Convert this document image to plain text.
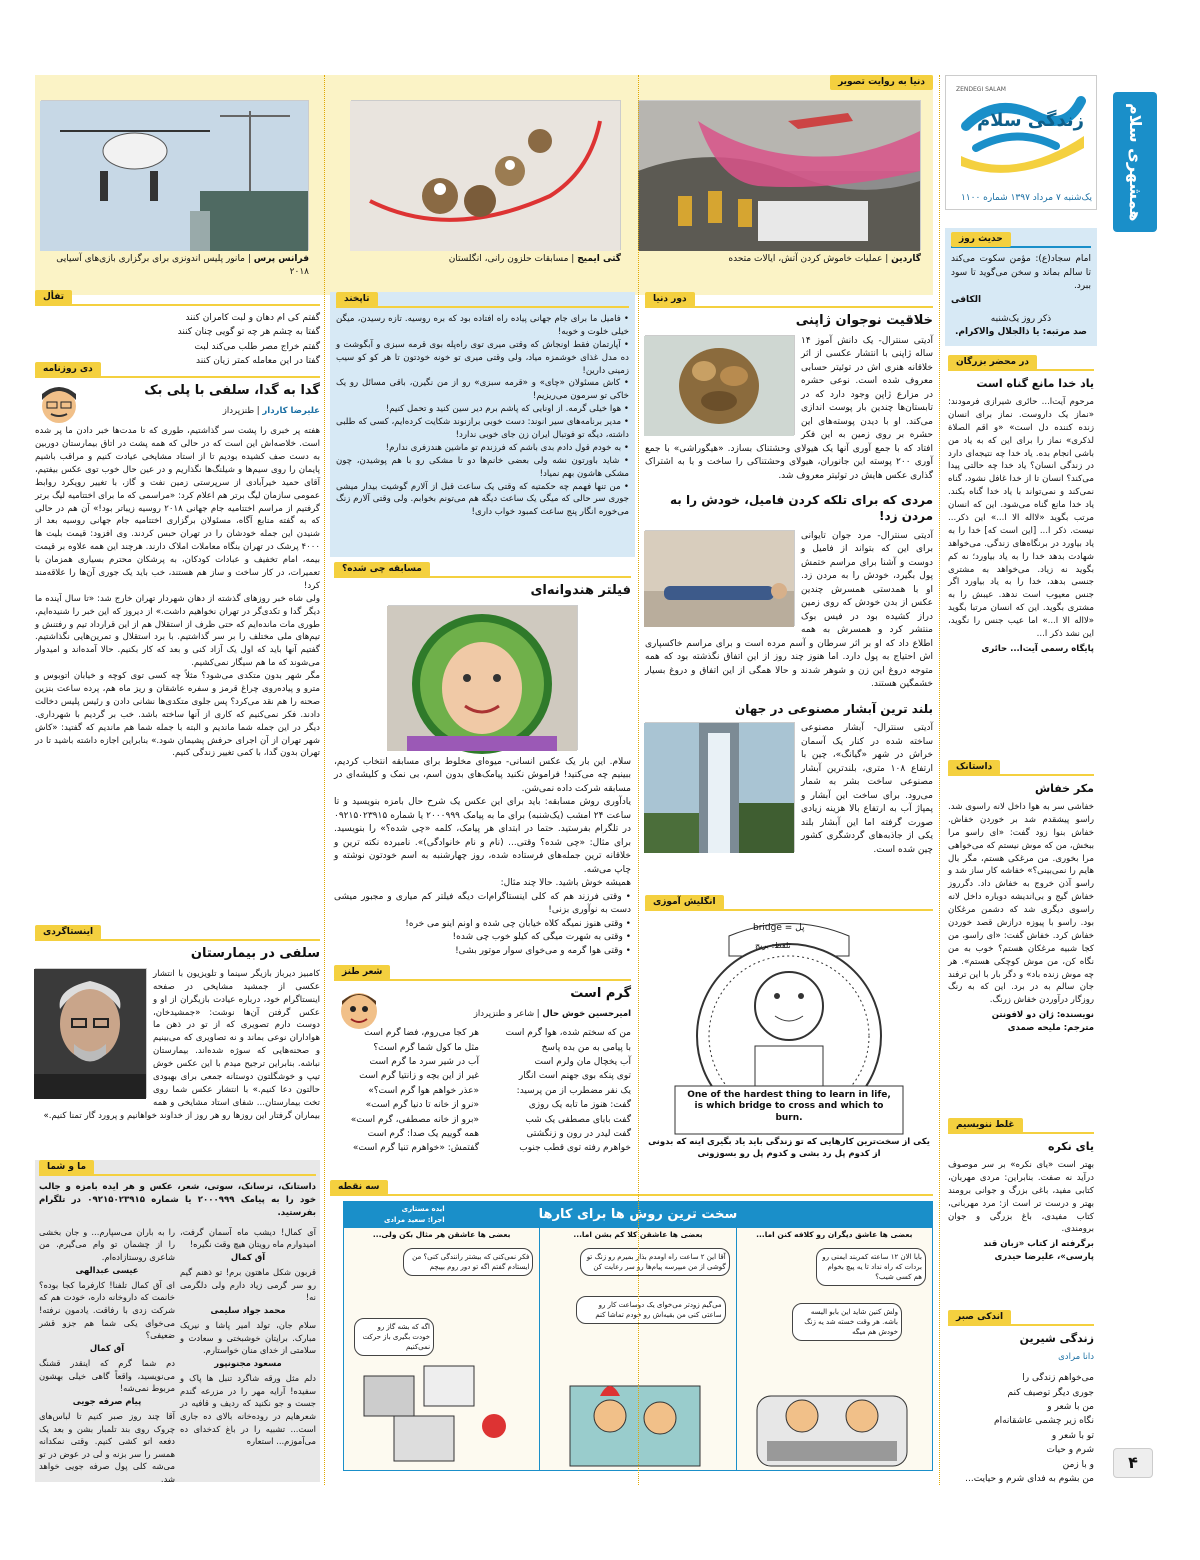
همشهری سلام
۴
زندگی سلام
ZENDEGI SALAM
یک‌شنبه ۷ مرداد ۱۳۹۷ شماره ۱۱۰۰
حدیث روز

امام سجاد(ع): مؤمن سکوت می‌کند تا سالم بماند و سخن می‌گوید تا سود ببرد.

الکافی
ذکر روز یک‌شنبه
صد مرتبه: یا ذالجلال والاکرام.
در محضر بزرگان
یاد خدا مانع گناه است

مرحوم آیت‌ا... حائری شیرازی فرمودند: «نماز یک داروست. نماز برای انسان زنده کننده دل است» «و اقم الصلاة لذکری» نماز را برای این که به یاد من باشی انجام بده. یاد خدا چه نتیجه‌ای دارد در زندگی انسان؟ یاد خدا چه حالتی پیدا می‌کند؟ انسان تا از خدا غافل نشود، گناه نمی‌کند و نمی‌تواند با یاد خدا گناه بکند. یاد خدا مانع گناه می‌شود. این که انسان مرتب بگوید «لااله الا ا...» این ذکر... نیست. ذکر ا... [این است که] خدا را به یاد بیاورد در برنگاه‌های زندگی. می‌خواهد شهادت بدهد خدا را به یاد بیاورد؛ نه کم بگوید نه زیاد. می‌خواهد به مشتری جنسی بدهد، خدا را به یاد بیاورد اگر جنس معیوب است ندهد. عیبش را به مشتری بگوید. این که انسان مرتبا بگوید «لااله الا ا...» اما عیب جنس را نگوید، این نشد ذکر ا...

پایگاه رسمی آیت‌ا... حائری
داستانک
مکر خفاش

خفاشی سر به هوا داخل لانه راسوی شد. راسو پیشقدم شد بر خوردن خفاش. خفاش بنوا زود گفت: «ای راسو مرا ببخش، من که موش نیستم که می‌خواهی مرا بخوری. من مرغکی هستم، مگر بال هایم را نمی‌بینی؟» خفاشه کار ساز شد و راسو آذن خروج به خفاش داد. دگرروز خفاش گیج و بی‌اندیشه دوباره داخل لانه راسوی دیگری شد که دشمن مرغکان بود. راسو با پیوزه درازش قصد خوردن خفاش کرد. خفاش گفت: «ای راسو، من کجا شبیه مرغکان هستم؟ خوب به من نگاه کن، من موش کوچکی هستم». هر چه موش زنده باد» و دگر بار با این ترفند جان سالم به در برد. این که به رنگ روزگار درآوردن خفاش زرنگ.

نویسنده: ژان دو لافونتن
مترجم: ملیحه صمدی
غلط ننویسیم
یای نکره

بهتر است «یای نکره» بر سر موصوف درآید نه صفت. بنابراین: مردی مهربان، کتابی مفید، باغی بزرگ و جوانی برومند بهتر و درست تر است از: مرد مهربانی، کتاب مفیدی، باغ بزرگی و جوان برومندی.

برگرفته از کتاب «زبان قند پارسی»، علیرضا حیدری
اندکی صبر
زندگی شیرین
دانا مرادی
می‌خواهم زندگی را
جوری دیگر توصیف کنم
من با شعر و
نگاه زیر چشمی عاشقانه‌ام
تو با شعر و
شرم و حیات
و با زمن
من بشوم به فدای شرم و حیایت...
دنیا به روایت تصویر
گاردین | عملیات خاموش کردن آتش، ایالات متحده
گتی ایمیج | مسابقات حلزون رانی، انگلستان
فرانس پرس | مانور پلیس اندونزی برای برگزاری بازی‌های آسیایی ۲۰۱۸
دور دنیا
خلاقیت نوجوان ژاپنی

آدیتی سنترال- یک دانش آموز ۱۴ ساله ژاپنی با انتشار عکسی از اثر خلاقانه هنری اش در توئیتر حسابی معروف شده است. نوعی حشره در مزارع ژاپن وجود دارد که در تابستان‌ها چندین بار پوست اندازی می‌کند. او با دیدن پوسته‌های این حشره بر روی زمین به این فکر افتاد که با جمع آوری آنها یک هیولای وحشتناک بسازد. «هیگوراشی» با جمع آوری ۲۰۰ پوسته این جانوران، هیولای وحشتناکی را ساخت و با به اشتراک گذاری عکس هایش در توئیتر معروف شد.

مردی که برای تلکه کردن فامیل، خودش را به مردن زد!

آدیتی سنترال- مرد جوان تایوانی برای این که بتواند از فامیل و دوست و آشنا برای مراسم ختمش پول بگیرد، خودش را به مردن زد. او با همدستی همسرش چندین عکس از بدن خودش که روی زمین دراز کشیده بود در فیس بوک منتشر کرد و همسرش به همه اطلاع داد که او بر اثر سرطان و آسم مرده است و برای مراسم خاکسپاری اش احتیاج به پول دارد. اما هنوز چند روز از این اتفاق نگذشته بود که همه متوجه دروغ این زن و شوهر شدند و حالا همگی از این اتفاق و دروغ بسیار خشمگین هستند.

بلند ترین آبشار مصنوعی در جهان

آدیتی سنترال- آبشار مصنوعی ساخته شده در کنار یک آسمان خراش در شهر «گیانگ»، چین با ارتفاع ۱۰۸ متری، بلندترین آبشار مصنوعی ساخت بشر به شمار می‌رود. برای ساخت این آبشار و پمپاژ آب به ارتفاع بالا هزینه زیادی صورت گرفته اما این آبشار بلند یکی از جاذبه‌های گردشگری کشور چین شده است.

انگلیش آموزی
bridge = پل
تلفظ: بریج
One of the hardest thing to learn in life, is which bridge to cross and which to burn.
یکی از سخت‌ترین کارهایی که تو زندگی باید یاد بگیری اینه که بدونی از کدوم پل رد بشی و کدوم پل رو بسوزونی
تاپخند

• فامیل ما برای جام جهانی پیاده راه افتاده بود که بره روسیه. تازه رسیدن، میگن خیلی خلوت و خوبه!

• آپارتمان فقط اونجاش که وقتی میری توی راه‌پله بوی قرمه سبزی و آبگوشت و ده مدل غذای خوشمزه میاد، ولی وقتی میری تو خونه خودتون تا هر کو کو سیب زمینی دارین!

• کاش مسئولان «چای» و «قرمه سبزی» رو از من نگیرن، باقی مسائل رو یک خاکی تو سرمون می‌ریزیم!

• هوا خیلی گرمه. از اونایی که پاشم برم دیر سین کنید و تحمل کنیم!

• مدیر برنامه‌های سیر انوند: دست خوبی برازنوند شکایت کرده‌ایم، کسی که طلبی داشته، دیگه تو فوتبال ایران زن جای خوبی ندارد!

• به خودم قول دادم بدی باشم که فرزندم تو ماشین هندزفری ندارم!

• شاید باورتون نشه ولی بعضی خانم‌ها دو تا مشکی رو با هم پوشیدن، چون مشکی هاشون بهم نمیاد!

• من تنها فهمم چه حکمتیه که وقتی یک ساعت قبل از آلارم گوشیت بیدار میشی جوری سر حالی که میگی یک ساعت دیگه هم می‌تونم بخوابم. ولی وقتی آلارم زنگ می‌خوره انگار پنج ساعت کمبود خواب داری!

مسابقه چی شده؟
فیلتر هندوانه‌ای

سلام. این بار یک عکس انسانی- میوه‌ای مخلوط برای مسابقه انتخاب کردیم، ببینیم چه می‌کنید! فراموش نکنید پیامک‌های بدون اسم، بی نمک و کلیشه‌ای در مسابقه شرکت داده نمی‌شن.

یادآوری روش مسابقه: باید برای این عکس یک شرح حال بامزه بنویسید و تا ساعت ۲۴ امشب (یک‌شنبه) برای ما به پیامک ۲۰۰۰۹۹۹ یا شماره ۰۹۲۱۵۰۲۳۹۱۵ در تلگرام بفرستید. حتما در ابتدای هر پیامک، کلمه «چی شده؟» را بنویسید. برای مثال: «چی شده؟ وقتی... (نام و نام خانوادگی)». نامبرده نکته ترین و خلاقانه ترین جمله‌های فرستاده شده، روز چهارشنبه به اسم خودتون نوشته و چاپ می‌شه.

همیشه خوش باشید. حالا چند مثال:

• وقتی فرزند هم که کلی اینستاگرام‌ات دیگه فیلتر کم میاری و مجبور میشی دست به نوآوری بزنی!

• وقتی هنوز نمیگه کلاه خیابان چی شده و اونم اینو می خره!

• وقتی به شهرت میگی که کیلو خوب چی شده!

• وقتی هوا گرمه و می‌خوای سوار موتور بشی!

شعر طنز
گرم است
امیرحسین خوش حال | شاعر و طنزپرداز
من که سختم شده، هوا گرم است
با پیامی به من بده پاسخ
آب یخچال مان ولرم است
توی پنکه بوی جهنم است انگار
یک نفر مضطرب از من پرسید:
گفت: هنوز ما تابه یک روزی
گفت بابای مصطفی یک شب
گفت لیدر در رون و زنگشتی
خواهرم رفته توی قطب جنوب
هر کجا می‌روم، فضا گرم است
مثل ما کول شما گرم است؟
آب در شیر سرد ما گرم است
غیر از این بچه و زانتیا گرم است
«عذر خواهم هوا گرم است؟»
«نرو از خانه تا دنیا گرم است»
«برو از خانه مصطفی، گرم است»
همه گوییم یک صدا: گرم است
گفتمش: «خواهرم تنیا گرم است»
سه نقطه
سخت ترین روش ها برای کارها
ایده مستاری
اجرا: سعید مرادی
بعضی ها عاشق دیگران رو کلافه کنن اما...
بابا الان ۱۲ ساعته کمربند ایمنی رو بردات که راه نداد تا یه پیچ بخوام هم کسی شیب؟
ولش کنین شاید این بابو الیسه باشه. هر وقت خسته شد یه زنگ خودش هم میگه
بعضی ها عاشقن کلا کم بشن اما...
آقا این ۲ ساعت راه اومدم بذار بمیرم رو زنگ تو گوشی از من میپرسه پیام‌ها رو سر رعایت کن
می‌گیم زودتر می‌خوای یک دوساعت کار رو ساعتی کنی من بقیه‌اش رو خودم تماشا کنم
بعضی ها عاشقن هر مثال بکن ولی...
فکر نمی‌کنی که بیشتر رانندگی کنی؟ من ایستادم گفتم اگه تو دور روم بپیچم
اگه که بشه گاز رو خودت بگیری باز حرکت نمی‌کنیم
تفأل
گفتم کی ام دهان و لبت کامران کنند
گفتا به چشم هر چه تو گویی چنان کنند
گفتم خراج مصر طلب می‌کند لبت
گفتا در این معامله کمتر زیان کنند
دی روزنامه
گدا به گدا، سلفی با پلی بک
علیرضا کاردار | طنزپرداز

هفته پر خبری را پشت سر گذاشتیم، طوری که تا مدت‌ها خبر دادن ما پر شده است. خلاصه‌اش این است که در حالی که همه پشت در اتاق بیمارستان دوربین به دست صف کشیده بودیم تا از استاد مشایخی عیادت کنیم و مراقب باشیم پایمان را روی سیم‌ها و شیلنگ‌ها نگذاریم و در عین حال خوب توی عکس بیفتیم، آقای حمید خیرآبادی از سرپرستی زمین نفت و گاز، با تغییر رویکرد روابط عمومی سازمان لیگ برتر هم اعلام کرد: «مراسمی که ما برای اختتامیه لیگ برتر گرفتیم از مراسم اختتامیه جام جهانی ۲۰۱۸ روسیه زیباتر بود!» آن هم در حالی که به گفته منابع آگاه، مسئولان برگزاری اختتامیه جام جهانی روسیه بعد از شنیدن این جمله خودشان را در تهران حبس کردند. وی افزود: قیمت بلیت ها ۴۰۰۰ پرشک در تهران بنگاه معاملات املاک دارند. هرچند این همه علاوه بر قیمت بیمه، امام تخفیف و عبادات کودکان، به پرشکان محترم بسیاری همزمان با تعمیرات، در کار ساخت و ساز هم هستند، خب باید یک جوری آن‌ها را علاقه‌مند کرد!

ولی شاه خبر روزهای گذشته از دهان شهردار تهران خارج شد: «تا سال آینده ما دیگر گدا و تکدی‌گر در تهران نخواهیم داشت.» از دیروز که این خبر را شنیده‌ایم، طوری مات مانده‌ایم که حتی ظرف از استقلال هم از این قرارداد تیم و رفتنش و تیم‌های ملی مختلف را بر سر گذاشتیم. با برد استقلال و تمرین‌هایی نگذاشتیم. گفتیم آنها باید که اول یک آزاد کنی و بعد که کار بکنیم. حالا آمده‌اند و امیدوار می‌شوند که ما هم سیگار نمی‌کشیم.

مگر شهر بدون متکدی می‌شود؟ مثلاً چه کسی توی کوچه و خیابان اتوبوس و مترو و پیاده‌روی چراغ قرمز و سفره عاشقان و ریز ماه هم، پرده ساعت بنزین صحنه را هم نقد می‌کرد؟ پس جلوی متکدی‌ها نشانی دادن و رئیس پلیس دخالت دادند. فکر نمی‌کنیم که کاری از آنها ساخته باشد. خب بر گردیم با شهرداری. دیگر در این جمله شما ماندیم و البته با جمله شما هم ماندیم که گفتید: «کاش شهر تهران از آن اجرای حرفش پشیمان شود.» بنابراین اجازه داشته باشید تا در تهران بدون گدا، با کمی تغییر زندگی کنیم.

اینستاگردی
سلفی در بیمارستان

کامبیز دیرباز بازیگر سینما و تلویزیون با انتشار عکسی از جمشید مشایخی در صفحه اینستاگرام خود، درباره عیادت بازیگران از او و عکس گرفتن آن‌ها نوشت: «جمشیدخان، دوست دارم تصویری که از تو در ذهن ما هواداران نوعی بماند و نه تصاویری که می‌بینیم و صحنه‌هایی که سوژه شده‌اند. بیمارستان نباشه. بنابراین ترجیح میدم با این عکس خوش تیپ و خوشگلتون دوستانه جمعی برای بهبودی حالتون دعا کنیم.» با انتشار عکس شما روی تخت بیمارستان... شفای استاد مشایخی و همه بیماران گرفتار این روزها رو هر روز از خداوند خواهانیم و پرورد گار تمنا کنیم.»

ما و شما

داستانک، ترسانک، سوتی، شعر، عکس و هر ایده بامزه و جالب خود را به پیامک ۲۰۰۰۹۹۹ یا شماره ۰۹۲۱۵۰۲۳۹۱۵ در تلگرام بفرستید.

آی کمال! دیشب ماه آسمان گرفت، امیدوارم ماه رویتان هیچ وقت نگیره!

آق کمال

قربون شکل ماهتون برم! تو ذهنم گیم رو سر گرمی زیاد دارم ولی دلگرمی نه!

محمد جواد سلیمی

سلام جان، تولد امیر پاشا و نیریک مبارک. برایتان خوشبختی و سعادت و سلامتی از خدای منان خواستارم.

مسعود مجنونپور

دلم مثل ورقه شاگرد تنبل ها پاک و سفیده! آرایه مهر را در مزرعه گندم جست و جو نکنید که ردیف و قافیه در شعرهایم در روده‌خانه بالای ده جاری است... تشبیه را در باغ کدخدای ده می‌آموزم... استعاره

را به باران می‌سپارم... و جان بخشی را از چشمان تو وام می‌گیرم. من شاعری روستازاده‌ام.

عیسی عبدالهی

ای آق کمال تلفنا! کارفرما کجا بوده؟ خانمت که داروخانه داره، خودت هم که شرکت زدی با رفاقت. یادمون نرفته! می‌خوای یکی شما هم جزو قشر ضعیفی؟

آق کمال

دم شما گرم که اینقدر قشنگ می‌نویسید، واقعاً گاهی خیلی بهشون مربوط نمی‌شه!

پیام صرفه جویی

آقا چند روز صبر کنیم تا لباس‌های چروک روی بند تلمبار بشن و بعد یک دفعه اتو کشی کنیم. وقتی نمکدانه همسر را سر بزنه و لی در عوض در تو می‌شه کلی پول صرفه جویی خواهد شد.
